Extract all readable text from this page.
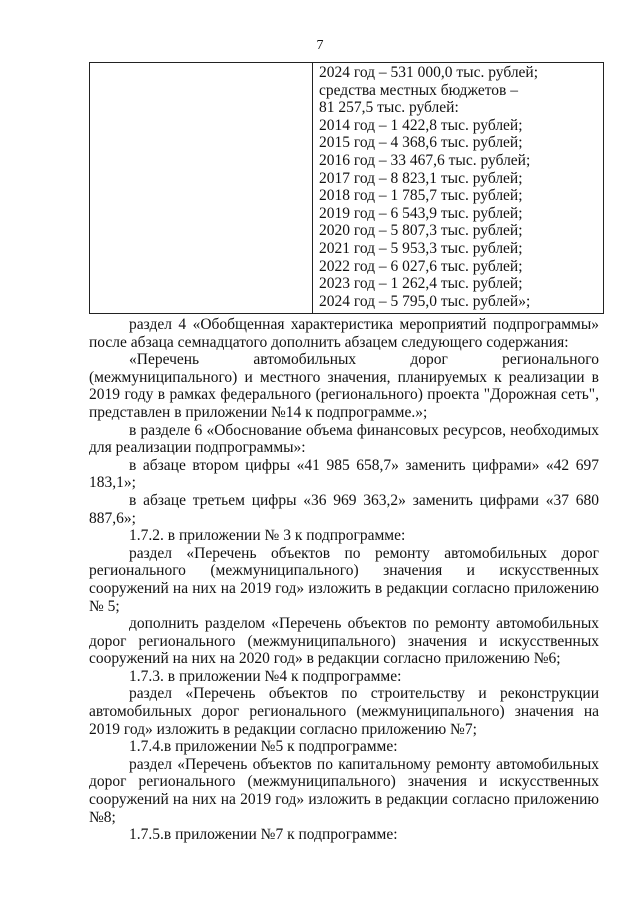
7
2024 год – 531 000,0 тыс. рублей;
средства местных бюджетов –
81 257,5 тыс. рублей:
2014 год – 1 422,8 тыс. рублей;
2015 год – 4 368,6 тыс. рублей;
2016 год – 33 467,6 тыс. рублей;
2017 год – 8 823,1 тыс. рублей;
2018 год – 1 785,7 тыс. рублей;
2019 год – 6 543,9 тыс. рублей;
2020 год – 5 807,3 тыс. рублей;
2021 год – 5 953,3 тыс. рублей;
2022 год – 6 027,6 тыс. рублей;
2023 год – 1 262,4 тыс. рублей;
2024 год – 5 795,0 тыс. рублей»;

раздел 4 «Обобщенная характеристика мероприятий подпрограммы» после абзаца семнадцатого дополнить абзацем следующего содержания:

«Перечень автомобильных дорог регионального (межмуниципального) и местного значения, планируемых к реализации в 2019 году в рамках федерального (регионального) проекта "Дорожная сеть", представлен в приложении №14 к подпрограмме.»;

в разделе 6 «Обоснование объема финансовых ресурсов, необходимых для реализации подпрограммы»:

в абзаце втором цифры «41 985 658,7» заменить цифрами» «42 697 183,1»;

в абзаце третьем цифры «36 969 363,2» заменить цифрами «37 680 887,6»;

1.7.2. в приложении № 3 к подпрограмме:

раздел «Перечень объектов по ремонту автомобильных дорог регионального (межмуниципального) значения и искусственных сооружений на них на 2019 год» изложить в редакции согласно приложению № 5;

дополнить разделом «Перечень объектов по ремонту автомобильных дорог регионального (межмуниципального) значения и искусственных сооружений на них на 2020 год» в редакции согласно приложению №6;

1.7.3. в приложении №4 к подпрограмме:

раздел «Перечень объектов по строительству и реконструкции автомобильных дорог регионального (межмуниципального) значения на 2019 год» изложить в редакции согласно приложению №7;

1.7.4.в приложении №5 к подпрограмме:

раздел «Перечень объектов по капитальному ремонту автомобильных дорог регионального (межмуниципального) значения и искусственных сооружений на них на 2019 год» изложить в редакции согласно приложению №8;

1.7.5.в приложении №7 к подпрограмме:
